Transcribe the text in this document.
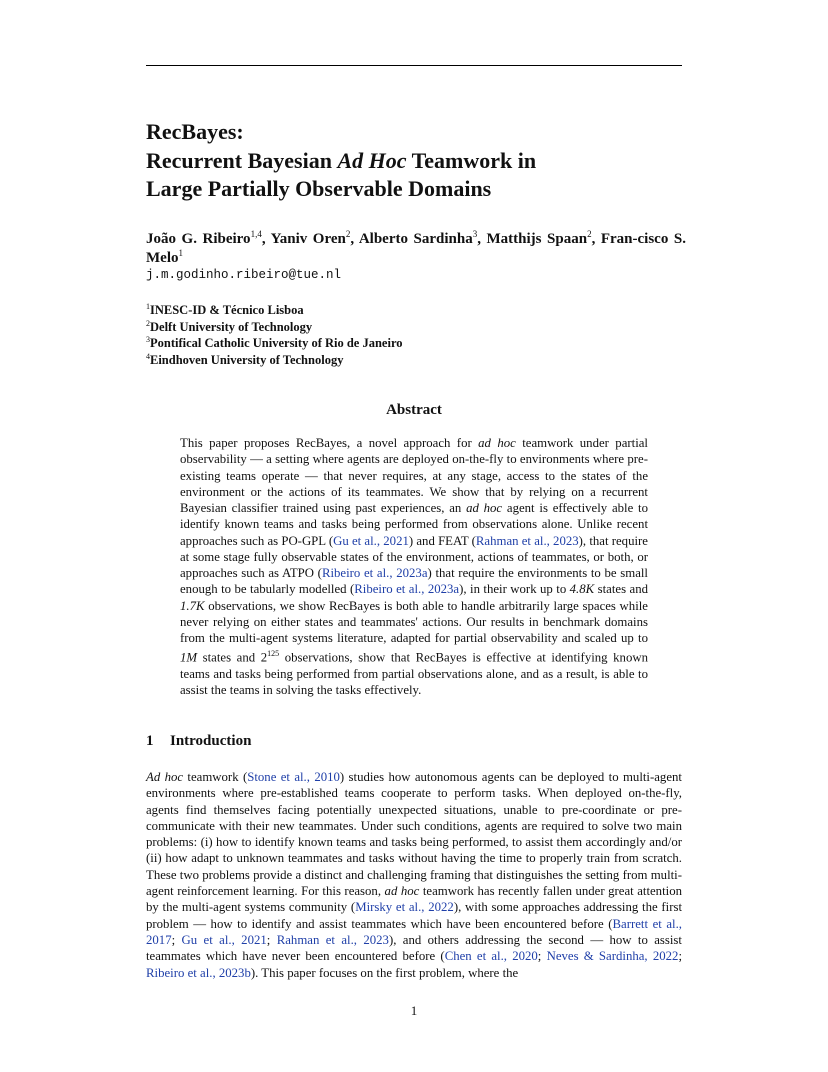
RecBayes:
Recurrent Bayesian Ad Hoc Teamwork in
Large Partially Observable Domains
João G. Ribeiro$^{1,4}$, Yaniv Oren$^2$, Alberto Sardinha$^3$, Matthijs Spaan$^2$, Fran-cisco S. Melo$^1$
j.m.godinho.ribeiro@tue.nl
$^1$INESC-ID & Técnico Lisboa
$^2$Delft University of Technology
$^3$Pontifical Catholic University of Rio de Janeiro
$^4$Eindhoven University of Technology
Abstract

This paper proposes RecBayes, a novel approach for ad hoc teamwork under partial observability — a setting where agents are deployed on-the-fly to environments where pre-existing teams operate — that never requires, at any stage, access to the states of the environment or the actions of its teammates. We show that by relying on a recurrent Bayesian classifier trained using past experiences, an ad hoc agent is effectively able to identify known teams and tasks being performed from observations alone. Unlike recent approaches such as PO-GPL (Gu et al., 2021) and FEAT (Rahman et al., 2023), that require at some stage fully observable states of the environment, actions of teammates, or both, or approaches such as ATPO (Ribeiro et al., 2023a) that require the environments to be small enough to be tabularly modelled (Ribeiro et al., 2023a), in their work up to 4.8K states and 1.7K observations, we show RecBayes is both able to handle arbitrarily large spaces while never relying on either states and teammates' actions. Our results in benchmark domains from the multi-agent systems literature, adapted for partial observability and scaled up to 1M states and $2^{125}$ observations, show that RecBayes is effective at identifying known teams and tasks being performed from partial observations alone, and as a result, is able to assist the teams in solving the tasks effectively.

1 Introduction

Ad hoc teamwork (Stone et al., 2010) studies how autonomous agents can be deployed to multi-agent environments where pre-established teams cooperate to perform tasks. When deployed on-the-fly, agents find themselves facing potentially unexpected situations, unable to pre-coordinate or pre-communicate with their new teammates. Under such conditions, agents are required to solve two main problems: (i) how to identify known teams and tasks being performed, to assist them accordingly and/or (ii) how adapt to unknown teammates and tasks without having the time to properly train from scratch. These two problems provide a distinct and challenging framing that distinguishes the setting from multi-agent reinforcement learning. For this reason, ad hoc teamwork has recently fallen under great attention by the multi-agent systems community (Mirsky et al., 2022), with some approaches addressing the first problem — how to identify and assist teammates which have been encountered before (Barrett et al., 2017; Gu et al., 2021; Rahman et al., 2023), and others addressing the second — how to assist teammates which have never been encountered before (Chen et al., 2020; Neves & Sardinha, 2022; Ribeiro et al., 2023b). This paper focuses on the first problem, where the

1
